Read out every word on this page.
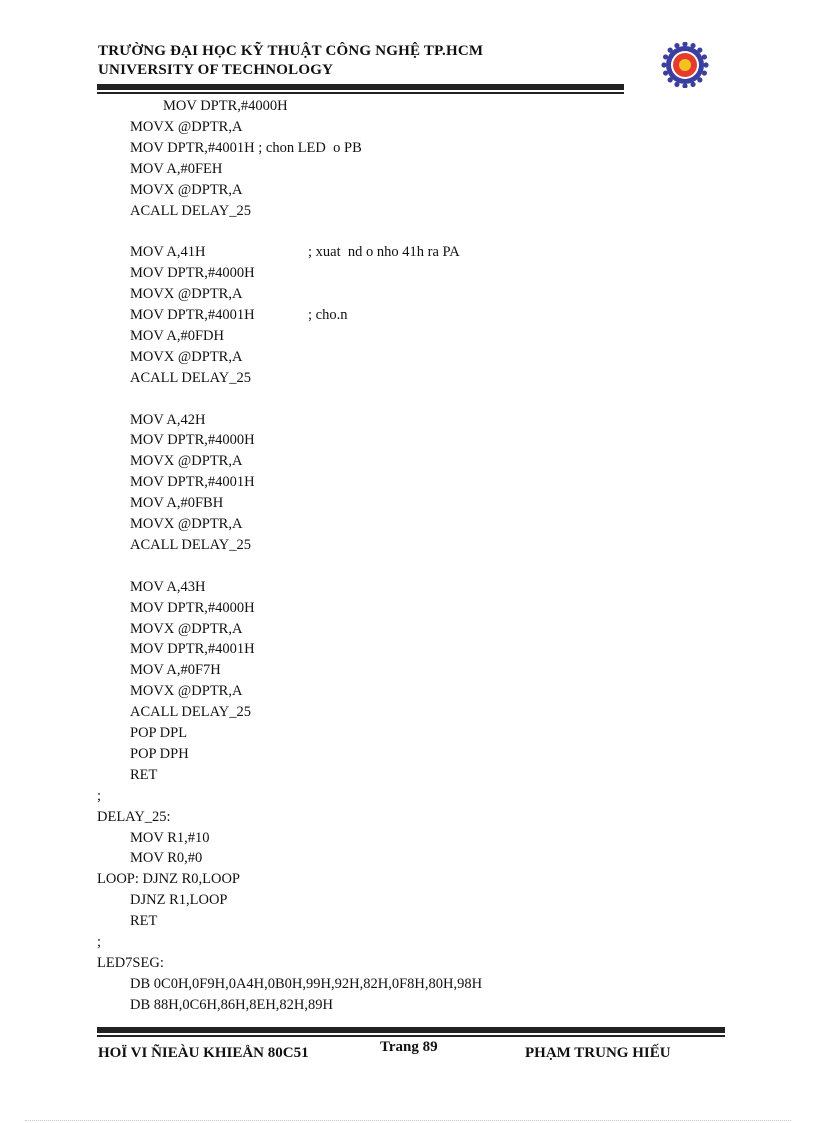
TRƯỜNG ĐẠI HỌC KỸ THUẬT CÔNG NGHỆ TP.HCM
UNIVERSITY OF TECHNOLOGY
MOV DPTR,#4000H
MOVX @DPTR,A
MOV DPTR,#4001H ; chon LED  o PB
MOV A,#0FEH
MOVX @DPTR,A
ACALL DELAY_25
MOV A,41H	; xuat  nd o nho 41h ra PA
MOV DPTR,#4000H
MOVX @DPTR,A
MOV DPTR,#4001H	; cho.n
MOV A,#0FDH
MOVX @DPTR,A
ACALL DELAY_25
MOV A,42H
MOV DPTR,#4000H
MOVX @DPTR,A
MOV DPTR,#4001H
MOV A,#0FBH
MOVX @DPTR,A
ACALL DELAY_25
MOV A,43H
MOV DPTR,#4000H
MOVX @DPTR,A
MOV DPTR,#4001H
MOV A,#0F7H
MOVX @DPTR,A
ACALL DELAY_25
POP DPL
POP DPH
RET
;
DELAY_25:
MOV R1,#10
MOV R0,#0
LOOP: DJNZ R0,LOOP
DJNZ R1,LOOP
RET
;
LED7SEG:
DB 0C0H,0F9H,0A4H,0B0H,99H,92H,82H,0F8H,80H,98H
DB 88H,0C6H,86H,8EH,82H,89H
HOÏ VI ÑIEÀU KHIEÅN 80C51	Trang 89	PHẠM TRUNG HIẾU
